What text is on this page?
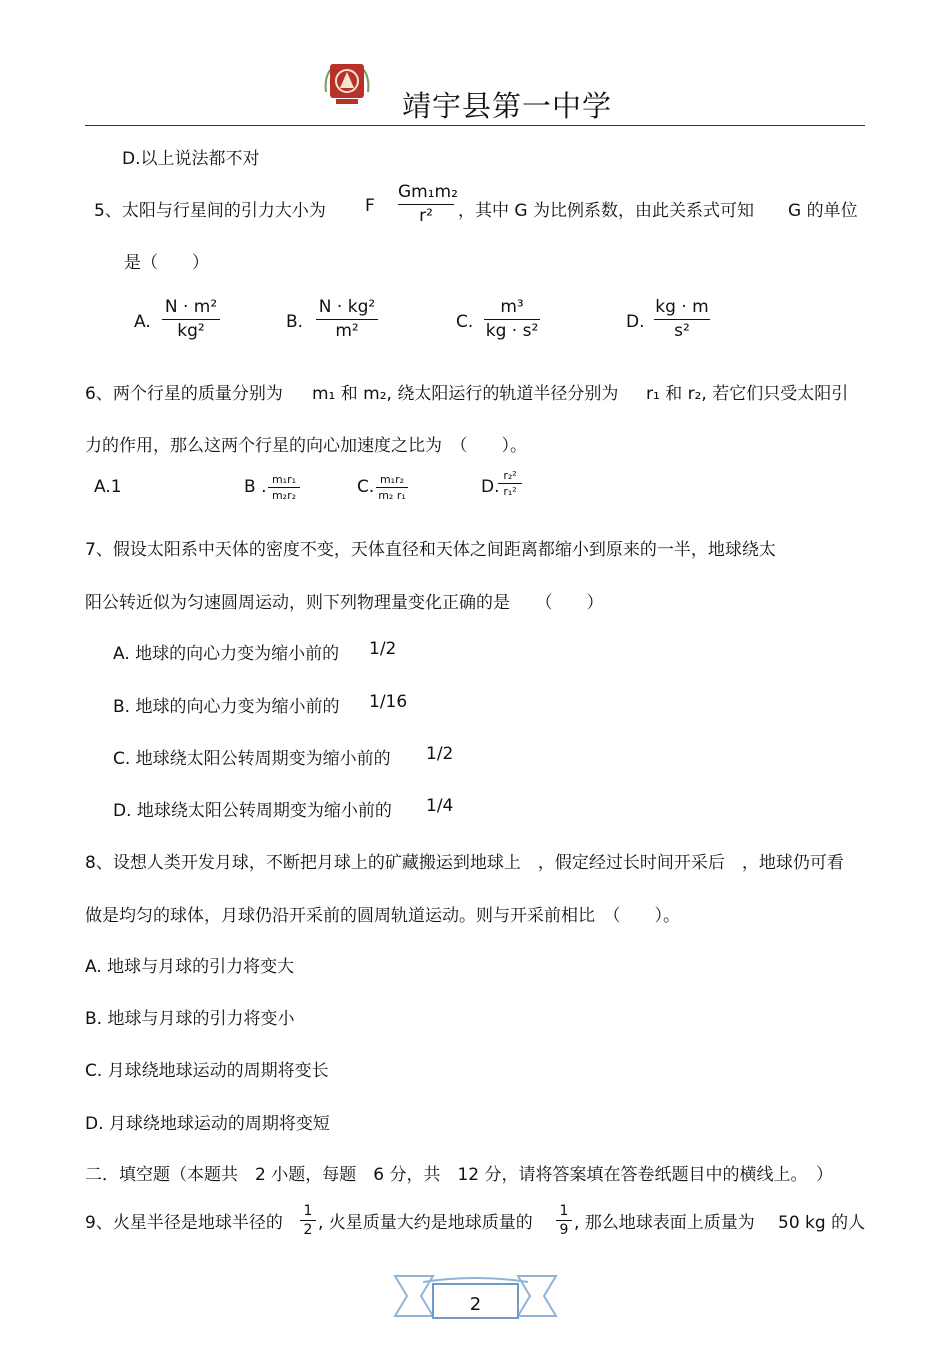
靖宇县第一中学
D.以上说法都不对
5、太阳与行星间的引力大小为 F
Gm₁m₂
r²	，其中 G 为比例系数，由此关系式可知 G 的单位
是（　　）
A.
N · m²
kg²	B.
N · kg²
m²	C.
m³
kg · s²	D.
kg · m
s²
6、两个行星的质量分别为 m₁ 和 m₂, 绕太阳运行的轨道半径分别为 r₁ 和 r₂, 若它们只受太阳引
力的作用，那么这两个行星的向心加速度之比为　（　　）。
A.1	B . m₁r₁
m₂r₂	C. m₁r₂
m₂ r₁	D.
r₂²
r₁²
7、假设太阳系中天体的密度不变，天体直径和天体之间距离都缩小到原来的一半，地球绕太
阳公转近似为匀速圆周运动，则下列物理量变化正确的是　　（　　）
A. 地球的向心力变为缩小前的 1/2
B. 地球的向心力变为缩小前的 1/16
C. 地球绕太阳公转周期变为缩小前的 1/2
D. 地球绕太阳公转周期变为缩小前的 1/4
8、设想人类开发月球，不断把月球上的矿藏搬运到地球上　，假定经过长时间开采后　，地球仍可看
做是均匀的球体，月球仍沿开采前的圆周轨道运动。则与开采前相比　（　　）。
A. 地球与月球的引力将变大
B. 地球与月球的引力将变小
C. 月球绕地球运动的周期将变长
D. 月球绕地球运动的周期将变短
二．填空题（本题共　2 小题，每题　6 分，共　12 分，请将答案填在答卷纸题目中的横线上。　）
9、火星半径是地球半径的
1
2 , 火星质量大约是地球质量的
1
9 , 那么地球表面上质量为 50 kg 的人
2
